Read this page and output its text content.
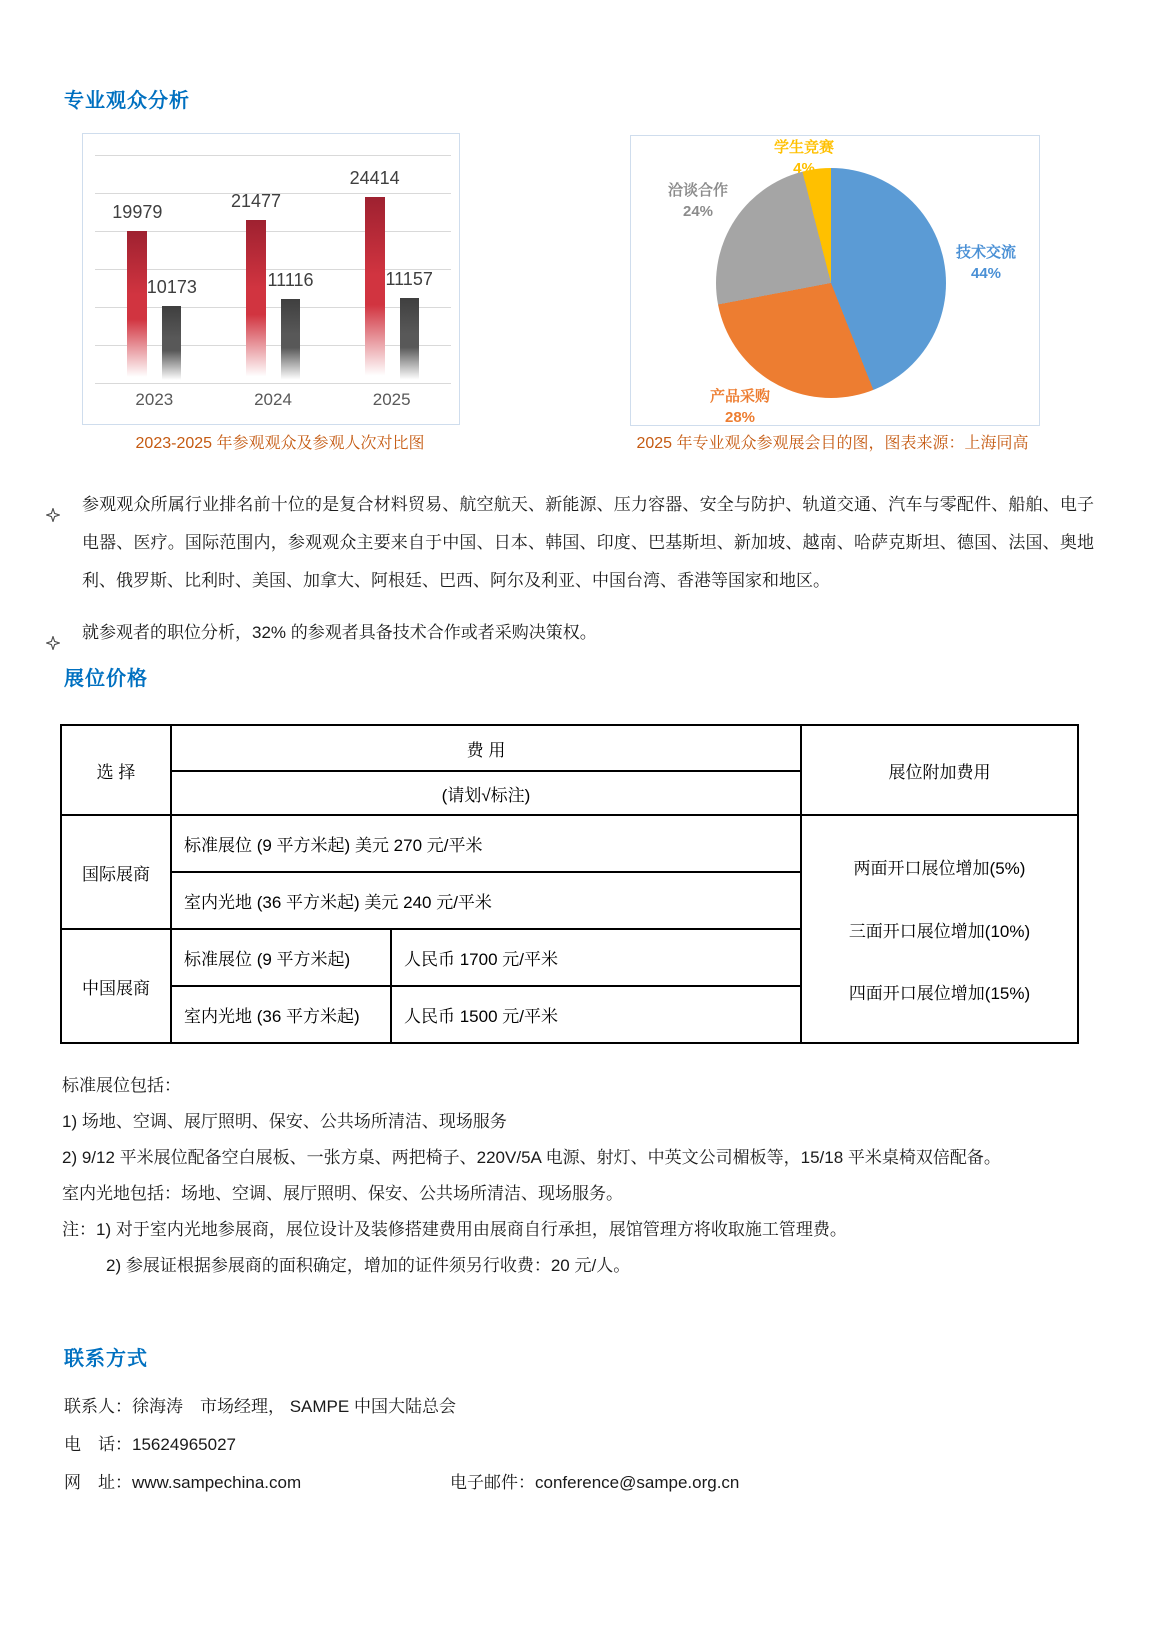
专业观众分析
19979
10173
2023
21477
11116
2024
24414
11157
2025
技术交流
44%
产品采购
28%
洽谈合作
24%
学生竞赛
4%
2023-2025 年参观观众及参观人次对比图	2025 年专业观众参观展会目的图，图表来源：上海同高
参观观众所属行业排名前十位的是复合材料贸易、航空航天、新能源、压力容器、安全与防护、轨道交通、汽车与零配件、船舶、电子电器、医疗。国际范围内，参观观众主要来自于中国、日本、韩国、印度、巴基斯坦、新加坡、越南、哈萨克斯坦、德国、法国、奥地利、俄罗斯、比利时、美国、加拿大、阿根廷、巴西、阿尔及利亚、中国台湾、香港等国家和地区。
就参观者的职位分析，32% 的参观者具备技术合作或者采购决策权。
展位价格
选 择	费 用		展位附加费用
	(请划√标注)		
国际展商	标准展位 (9 平方米起) 美元 270 元/平米		两面开口展位增加(5%)
三面开口展位增加(10%)
四面开口展位增加(15%)

	室内光地 (36 平方米起) 美元 240 元/平米		
中国展商	标准展位 (9 平方米起)	人民币 1700 元/平米	
	室内光地 (36 平方米起)	人民币 1500 元/平米	
标准展位包括：
1) 场地、空调、展厅照明、保安、公共场所清洁、现场服务
2) 9/12 平米展位配备空白展板、一张方桌、两把椅子、220V/5A 电源、射灯、中英文公司楣板等，15/18 平米桌椅双倍配备。
室内光地包括：场地、空调、展厅照明、保安、公共场所清洁、现场服务。
注：1) 对于室内光地参展商，展位设计及装修搭建费用由展商自行承担，展馆管理方将收取施工管理费。
2) 参展证根据参展商的面积确定，增加的证件须另行收费：20 元/人。
联系方式
联系人：徐海涛　市场经理， SAMPE 中国大陆总会
电　话：15624965027
网　址：www.sampechina.com	电子邮件：conference@sampe.org.cn
